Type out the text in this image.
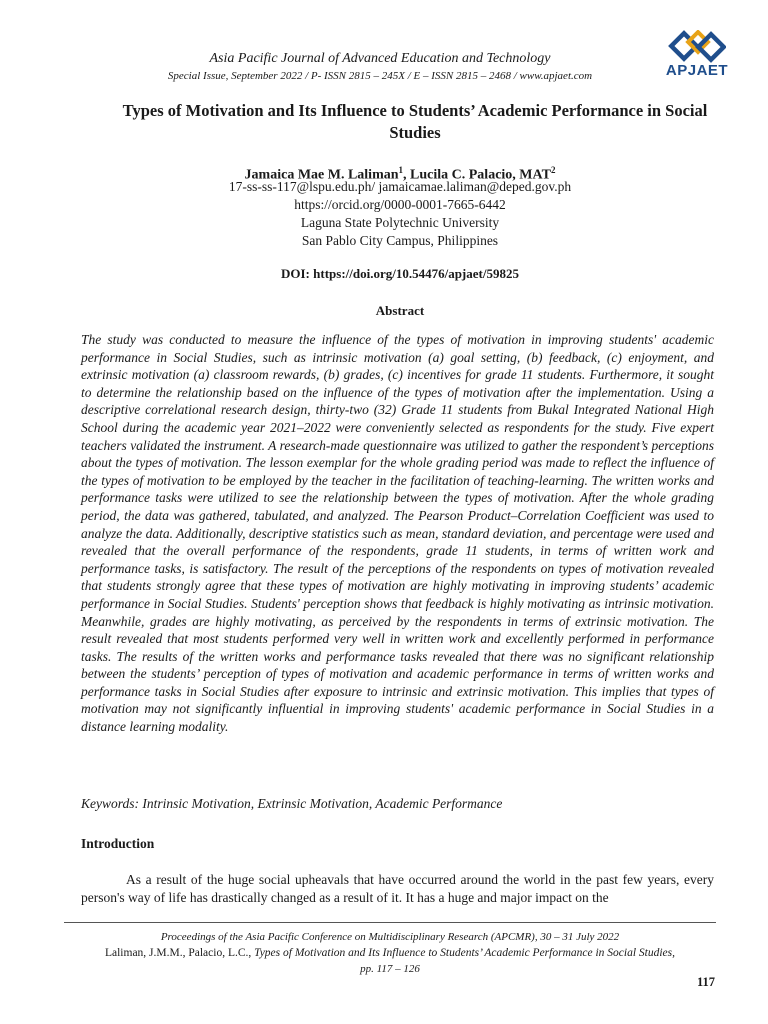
Asia Pacific Journal of Advanced Education and Technology
Special Issue, September 2022 / P- ISSN 2815 – 245X / E – ISSN 2815 – 2468 / www.apjaet.com	APJAET
Types of Motivation and Its Influence to Students’ Academic Performance in Social Studies
Jamaica Mae M. Laliman$^1$, Lucila C. Palacio, MAT$^2$
17-ss-ss-117@lspu.edu.ph/ jamaicamae.laliman@deped.gov.ph
https://orcid.org/0000-0001-7665-6442
Laguna State Polytechnic University
San Pablo City Campus, Philippines
DOI: https://doi.org/10.54476/apjaet/59825
Abstract

The study was conducted to measure the influence of the types of motivation in improving students' academic performance in Social Studies, such as intrinsic motivation (a) goal setting, (b) feedback, (c) enjoyment, and extrinsic motivation (a) classroom rewards, (b) grades, (c) incentives for grade 11 students. Furthermore, it sought to determine the relationship based on the influence of the types of motivation after the implementation. Using a descriptive correlational research design, thirty-two (32) Grade 11 students from Bukal Integrated National High School during the academic year 2021–2022 were conveniently selected as respondents for the study. Five expert teachers validated the instrument. A research-made questionnaire was utilized to gather the respondent’s perceptions about the types of motivation. The lesson exemplar for the whole grading period was made to reflect the influence of the types of motivation to be employed by the teacher in the facilitation of teaching-learning. The written works and performance tasks were utilized to see the relationship between the types of motivation. After the whole grading period, the data was gathered, tabulated, and analyzed. The Pearson Product–Correlation Coefficient was used to analyze the data. Additionally, descriptive statistics such as mean, standard deviation, and percentage were used and revealed that the overall performance of the respondents, grade 11 students, in terms of written work and performance tasks, is satisfactory. The result of the perceptions of the respondents on types of motivation revealed that students strongly agree that these types of motivation are highly motivating in improving students’ academic performance in Social Studies. Students' perception shows that feedback is highly motivating as intrinsic motivation. Meanwhile, grades are highly motivating, as perceived by the respondents in terms of extrinsic motivation. The result revealed that most students performed very well in written work and excellently performed in performance tasks. The results of the written works and performance tasks revealed that there was no significant relationship between the students’ perception of types of motivation and academic performance in terms of written works and performance tasks in Social Studies after exposure to intrinsic and extrinsic motivation. This implies that types of motivation may not significantly influential in improving students' academic performance in Social Studies in a distance learning modality.

Keywords: Intrinsic Motivation, Extrinsic Motivation, Academic Performance

Introduction

As a result of the huge social upheavals that have occurred around the world in the past few years, every person's way of life has drastically changed as a result of it. It has a huge and major impact on the

Proceedings of the Asia Pacific Conference on Multidisciplinary Research (APCMR), 30 – 31 July 2022
Laliman, J.M.M., Palacio, L.C., Types of Motivation and Its Influence to Students’ Academic Performance in Social Studies,
pp. 117 – 126
117
